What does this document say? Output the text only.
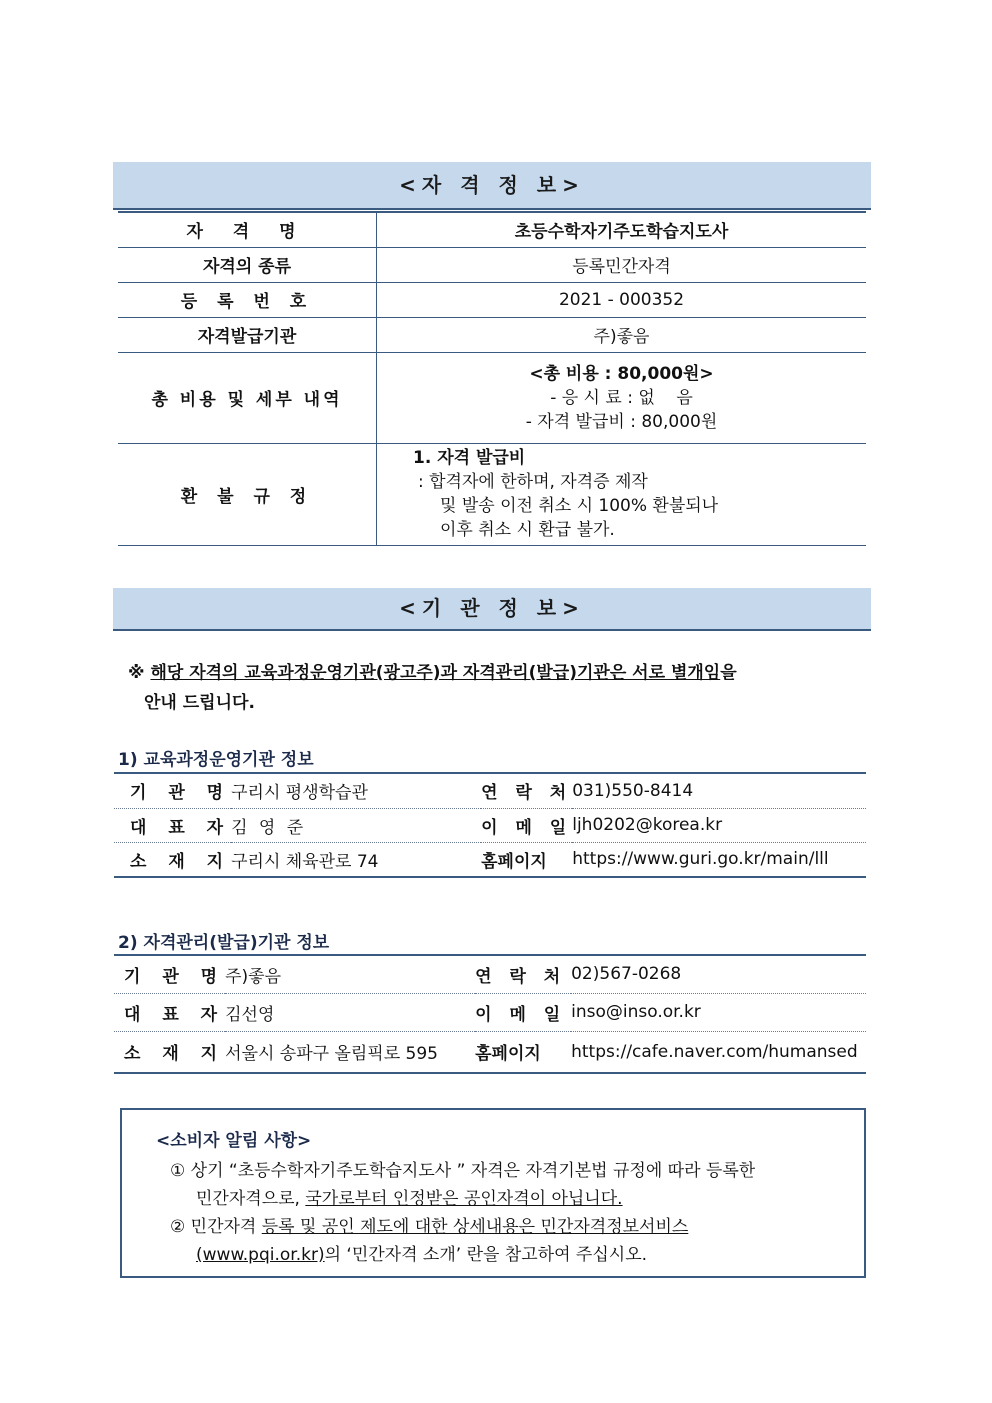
<자 격 정 보>
자 격 명	초등수학자기주도학습지도사
자격의 종류	등록민간자격
등 록 번 호	2021 - 000352
자격발급기관	주)좋음
총 비용 및 세부 내역	<총 비용 : 80,000원>
- 응 시 료 : 없    음
- 자격 발급비 : 80,000원

환 불 규 정	1. 자격 발급비
: 합격자에 한하며, 자격증 제작
및 발송 이전 취소 시 100% 환불되나
이후 취소 시 환급 불가.
<기 관 정 보>
※ 해당 자격의 교육과정운영기관(광고주)과 자격관리(발급)기관은 서로 별개임을
안내 드립니다.
1) 교육과정운영기관 정보
기 관 명	구리시 평생학습관	연 락 처	031)550-8414
대 표 자	김 영 준	이 메 일	ljh0202@korea.kr
소 재 지	구리시 체육관로 74	홈페이지	https://www.guri.go.kr/main/lll
2) 자격관리(발급)기관 정보
기 관 명	주)좋음	연 락 처	02)567-0268
대 표 자	김선영	이 메 일	inso@inso.or.kr
소 재 지	서울시 송파구 올림픽로 595	홈페이지	https://cafe.naver.com/humansed
<소비자 알림 사항>
① 상기 “초등수학자기주도학습지도사 ” 자격은 자격기본법 규정에 따라 등록한
민간자격으로, 국가로부터 인정받은 공인자격이 아닙니다.
② 민간자격 등록 및 공인 제도에 대한 상세내용은 민간자격정보서비스
(www.pqi.or.kr)의 ‘민간자격 소개’ 란을 참고하여 주십시오.
